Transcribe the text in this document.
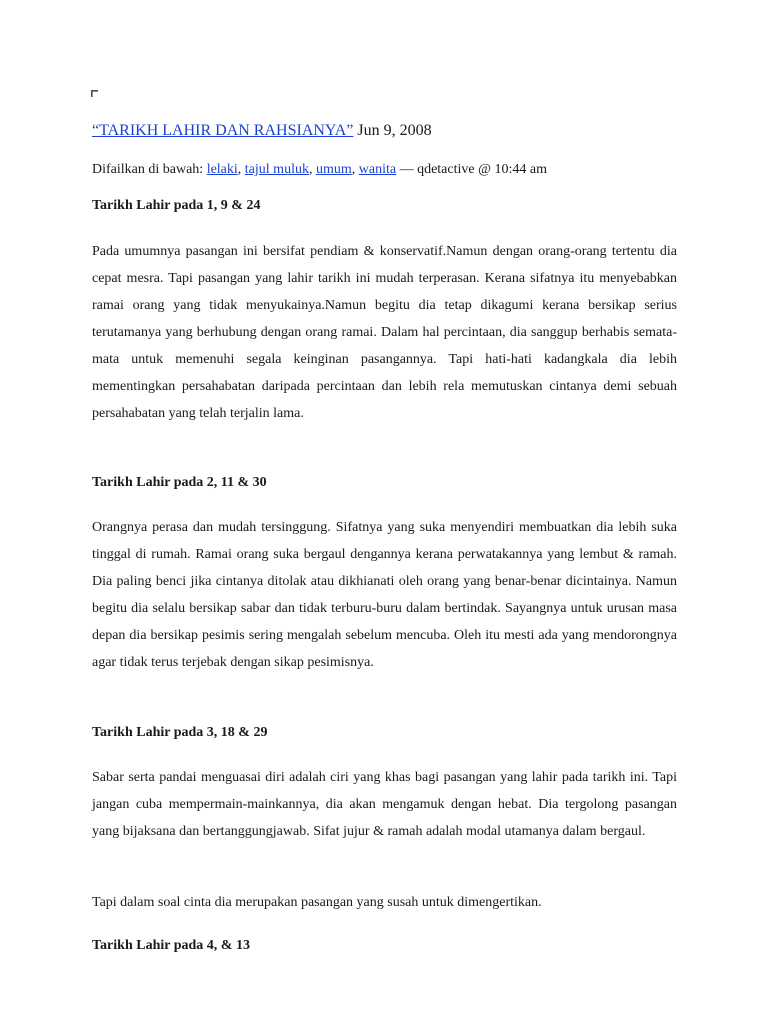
“TARIKH LAHIR DAN RAHSIANYA” Jun 9, 2008
Difailkan di bawah: lelaki, tajul muluk, umum, wanita — qdetactive @ 10:44 am
Tarikh Lahir pada 1, 9 & 24

Pada umumnya pasangan ini bersifat pendiam & konservatif.Namun dengan orang-orang tertentu dia cepat mesra. Tapi pasangan yang lahir tarikh ini mudah terperasan. Kerana sifatnya itu menyebabkan ramai orang yang tidak menyukainya.Namun begitu dia tetap dikagumi kerana bersikap serius terutamanya yang berhubung dengan orang ramai. Dalam hal percintaan, dia sanggup berhabis semata-mata untuk memenuhi segala keinginan pasangannya. Tapi hati-hati kadangkala dia lebih mementingkan persahabatan daripada percintaan dan lebih rela memutuskan cintanya demi sebuah persahabatan yang telah terjalin lama.

Tarikh Lahir pada 2, 11 & 30

Orangnya perasa dan mudah tersinggung. Sifatnya yang suka menyendiri membuatkan dia lebih suka tinggal di rumah. Ramai orang suka bergaul dengannya kerana perwatakannya yang lembut & ramah. Dia paling benci jika cintanya ditolak atau dikhianati oleh orang yang benar-benar dicintainya. Namun begitu dia selalu bersikap sabar dan tidak terburu-buru dalam bertindak. Sayangnya untuk urusan masa depan dia bersikap pesimis sering mengalah sebelum mencuba. Oleh itu mesti ada yang mendorongnya agar tidak terus terjebak dengan sikap pesimisnya.

Tarikh Lahir pada 3, 18 & 29

Sabar serta pandai menguasai diri adalah ciri yang khas bagi pasangan yang lahir pada tarikh ini. Tapi jangan cuba mempermain-mainkannya, dia akan mengamuk dengan hebat. Dia tergolong pasangan yang bijaksana dan bertanggungjawab. Sifat jujur & ramah adalah modal utamanya dalam bergaul.

Tapi dalam soal cinta dia merupakan pasangan yang susah untuk dimengertikan.

Tarikh Lahir pada 4, & 13
